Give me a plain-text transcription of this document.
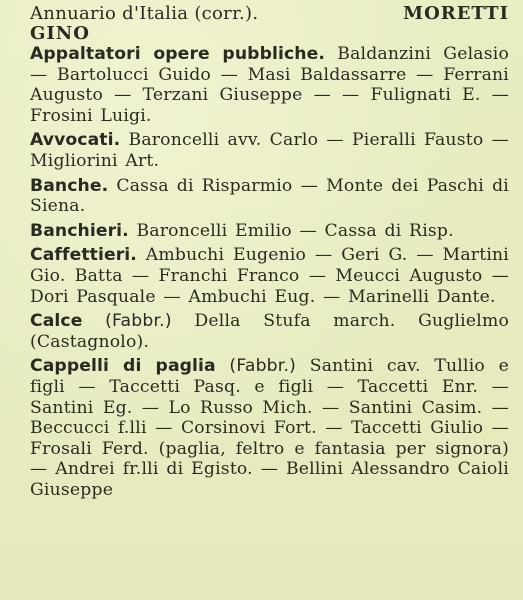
Annuario d'Italia (corr.).	MORETTI
GINO

Appaltatori opere pubbliche. Baldanzini Gelasio — Bartolucci Guido — Masi Baldassarre — Ferrani Augusto — Terzani Giuseppe — — Fulignati E. — Frosini Luigi.

Avvocati. Baroncelli avv. Carlo — Pieralli Fausto — Migliorini Art.

Banche. Cassa di Risparmio — Monte dei Paschi di Siena.

Banchieri. Baroncelli Emilio — Cassa di Risp.

Caffettieri. Ambuchi Eugenio — Geri G. — Martini Gio. Batta — Franchi Franco — Meucci Augusto — Dori Pasquale — Ambuchi Eug. — Marinelli Dante.

Calce (Fabbr.) Della Stufa march. Guglielmo (Castagnolo).

Cappelli di paglia (Fabbr.) Santini cav. Tullio e figli — Taccetti Pasq. e figli — Taccetti Enr. — Santini Eg. — Lo Russo Mich. — Santini Casim. — Beccucci f.lli — Corsinovi Fort. — Taccetti Giulio — Frosali Ferd. (paglia, feltro e fantasia per signora) — Andrei fr.lli di Egisto. — Bellini Alessandro Caioli Giuseppe
